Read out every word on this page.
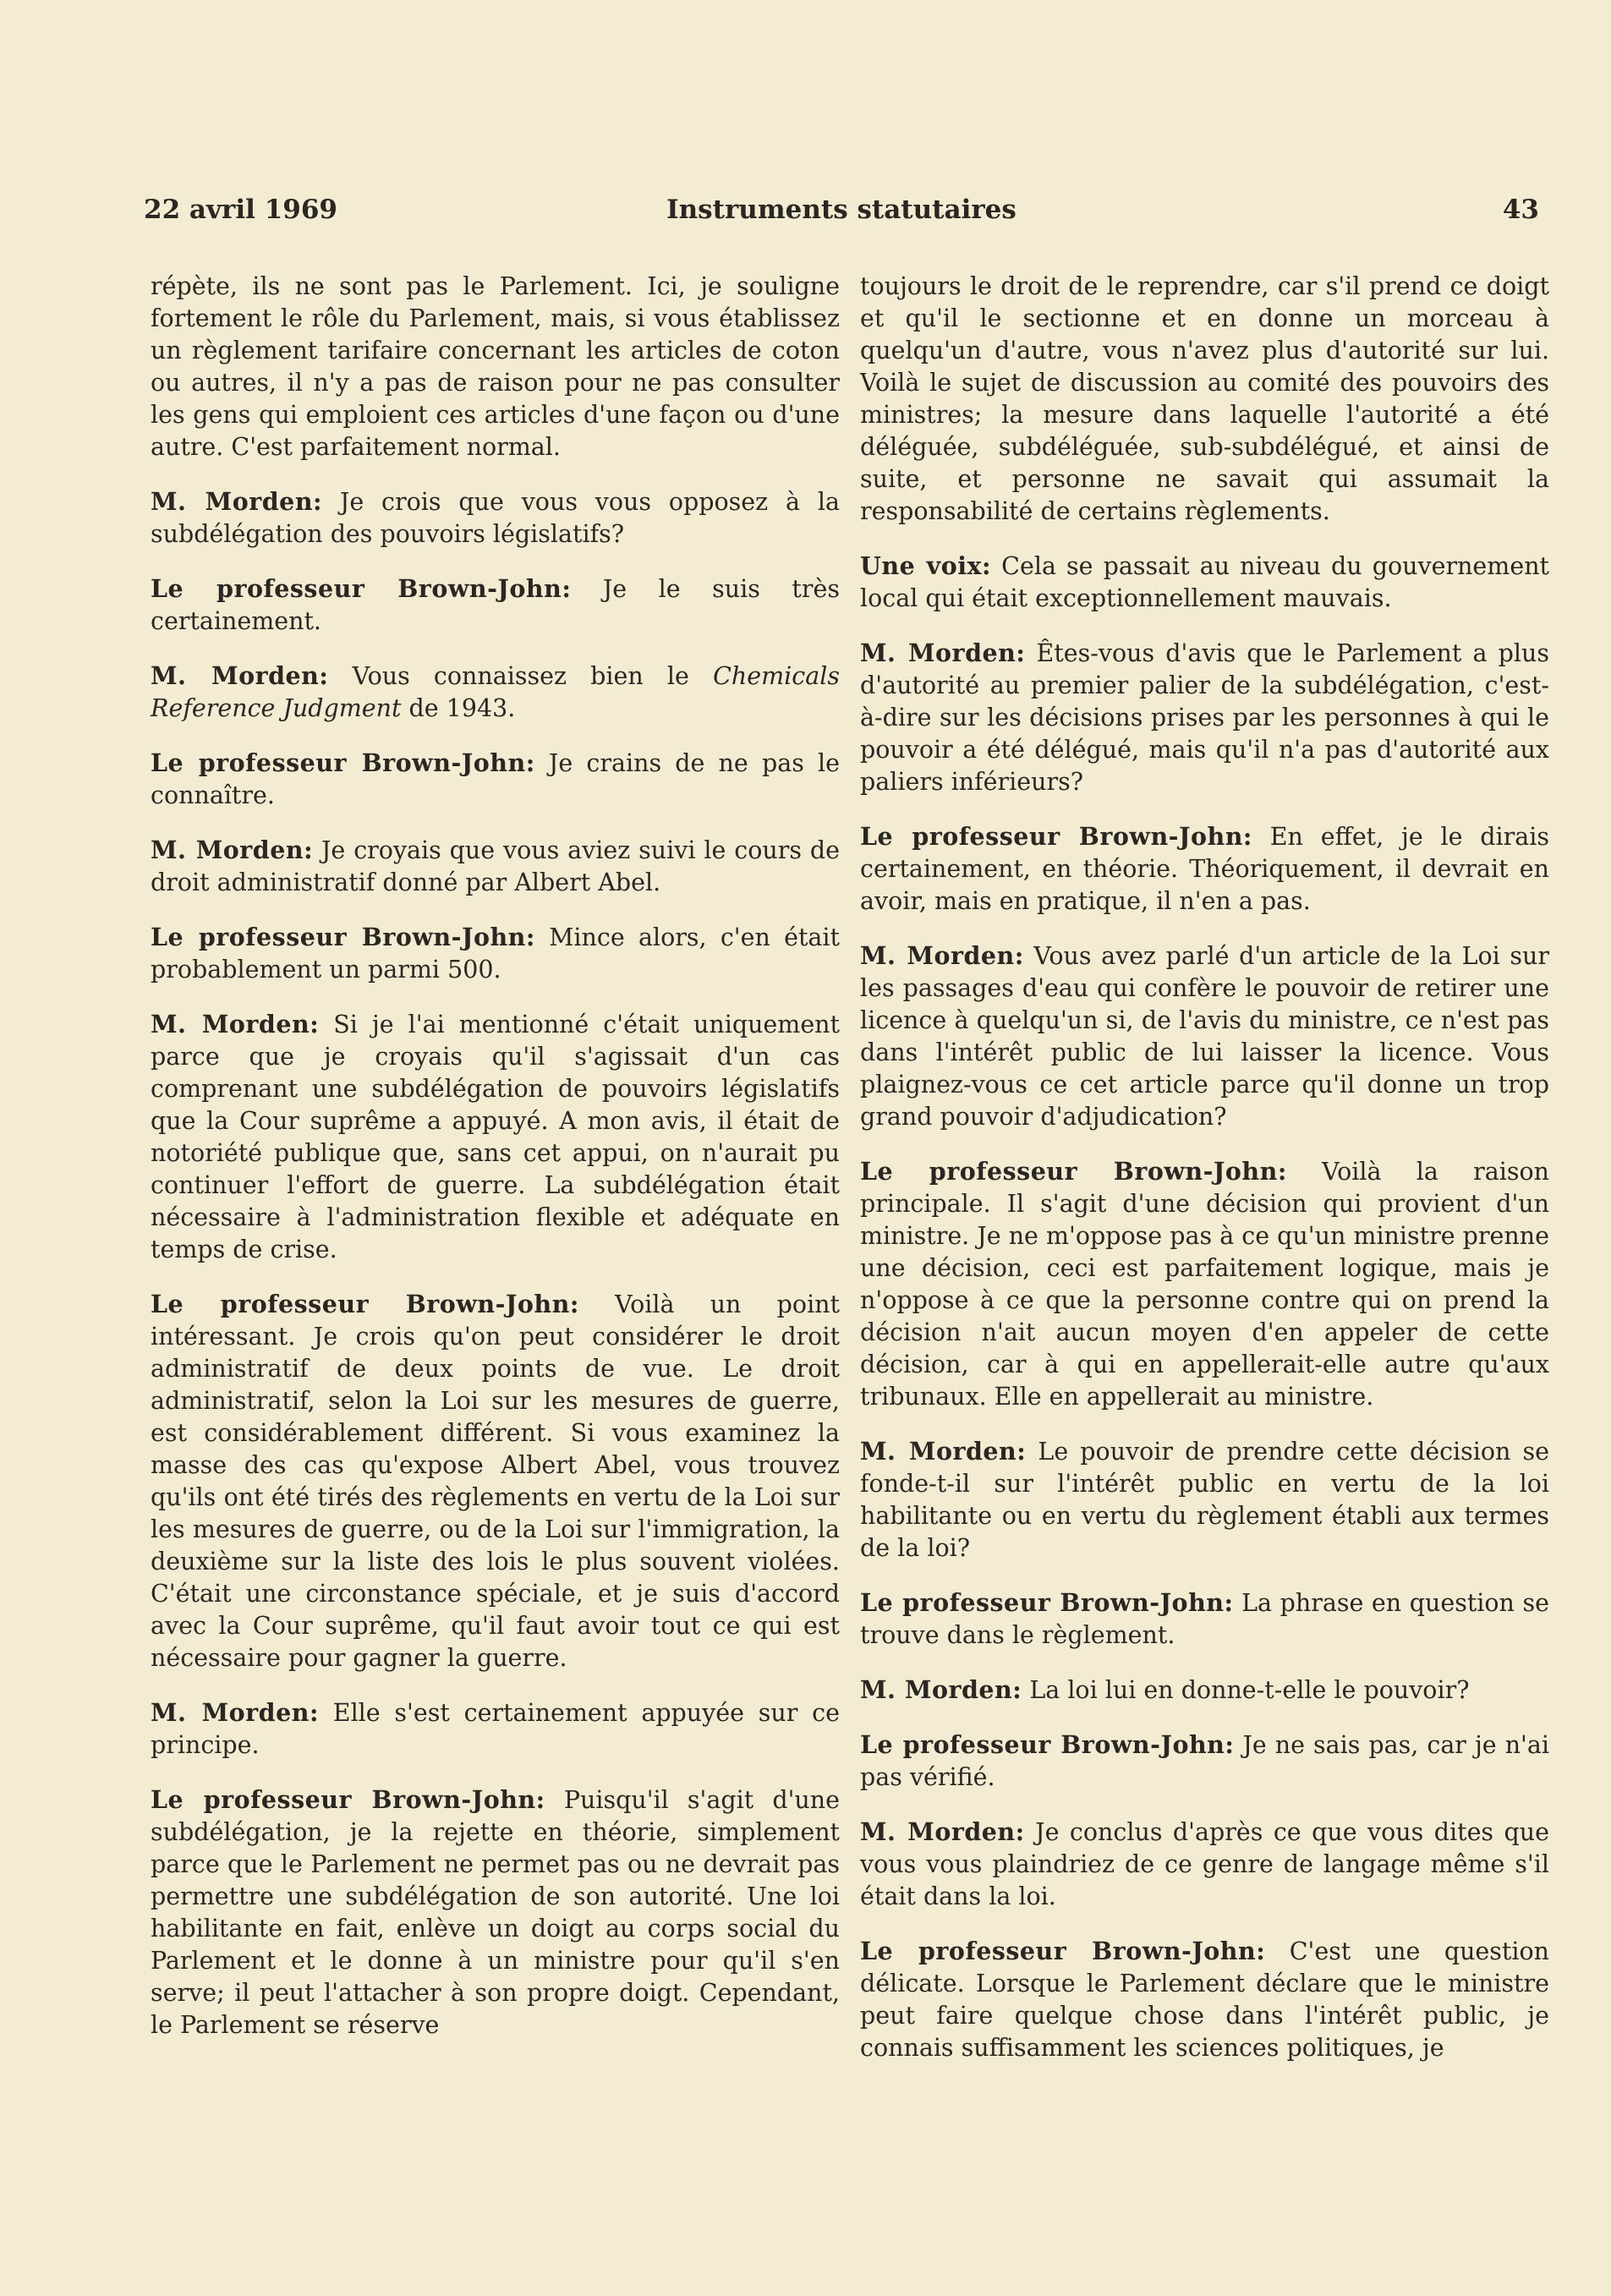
22 avril 1969	Instruments statutaires	43

répète, ils ne sont pas le Parlement. Ici, je souligne fortement le rôle du Parlement, mais, si vous établissez un règlement tarifaire concernant les articles de coton ou autres, il n'y a pas de raison pour ne pas consulter les gens qui emploient ces articles d'une façon ou d'une autre. C'est parfaitement normal.

M. Morden: Je crois que vous vous opposez à la subdélégation des pouvoirs législatifs?

Le professeur Brown-John: Je le suis très certainement.

M. Morden: Vous connaissez bien le Chemicals Reference Judgment de 1943.

Le professeur Brown-John: Je crains de ne pas le connaître.

M. Morden: Je croyais que vous aviez suivi le cours de droit administratif donné par Albert Abel.

Le professeur Brown-John: Mince alors, c'en était probablement un parmi 500.

M. Morden: Si je l'ai mentionné c'était uniquement parce que je croyais qu'il s'agissait d'un cas comprenant une subdélégation de pouvoirs législatifs que la Cour suprême a appuyé. A mon avis, il était de notoriété publique que, sans cet appui, on n'aurait pu continuer l'effort de guerre. La subdélégation était nécessaire à l'administration flexible et adéquate en temps de crise.

Le professeur Brown-John: Voilà un point intéressant. Je crois qu'on peut considérer le droit administratif de deux points de vue. Le droit administratif, selon la Loi sur les mesures de guerre, est considérablement différent. Si vous examinez la masse des cas qu'expose Albert Abel, vous trouvez qu'ils ont été tirés des règlements en vertu de la Loi sur les mesures de guerre, ou de la Loi sur l'immigration, la deuxième sur la liste des lois le plus souvent violées. C'était une circonstance spéciale, et je suis d'accord avec la Cour suprême, qu'il faut avoir tout ce qui est nécessaire pour gagner la guerre.

M. Morden: Elle s'est certainement appuyée sur ce principe.

Le professeur Brown-John: Puisqu'il s'agit d'une subdélégation, je la rejette en théorie, simplement parce que le Parlement ne permet pas ou ne devrait pas permettre une subdélégation de son autorité. Une loi habilitante en fait, enlève un doigt au corps social du Parlement et le donne à un ministre pour qu'il s'en serve; il peut l'attacher à son propre doigt. Cependant, le Parlement se réserve

toujours le droit de le reprendre, car s'il prend ce doigt et qu'il le sectionne et en donne un morceau à quelqu'un d'autre, vous n'avez plus d'autorité sur lui. Voilà le sujet de discussion au comité des pouvoirs des ministres; la mesure dans laquelle l'autorité a été déléguée, subdéléguée, sub-subdélégué, et ainsi de suite, et personne ne savait qui assumait la responsabilité de certains règlements.

Une voix: Cela se passait au niveau du gouvernement local qui était exceptionnellement mauvais.

M. Morden: Êtes-vous d'avis que le Parlement a plus d'autorité au premier palier de la subdélégation, c'est-à-dire sur les décisions prises par les personnes à qui le pouvoir a été délégué, mais qu'il n'a pas d'autorité aux paliers inférieurs?

Le professeur Brown-John: En effet, je le dirais certainement, en théorie. Théoriquement, il devrait en avoir, mais en pratique, il n'en a pas.

M. Morden: Vous avez parlé d'un article de la Loi sur les passages d'eau qui confère le pouvoir de retirer une licence à quelqu'un si, de l'avis du ministre, ce n'est pas dans l'intérêt public de lui laisser la licence. Vous plaignez-vous ce cet article parce qu'il donne un trop grand pouvoir d'adjudication?

Le professeur Brown-John: Voilà la raison principale. Il s'agit d'une décision qui provient d'un ministre. Je ne m'oppose pas à ce qu'un ministre prenne une décision, ceci est parfaitement logique, mais je n'oppose à ce que la personne contre qui on prend la décision n'ait aucun moyen d'en appeler de cette décision, car à qui en appellerait-elle autre qu'aux tribunaux. Elle en appellerait au ministre.

M. Morden: Le pouvoir de prendre cette décision se fonde-t-il sur l'intérêt public en vertu de la loi habilitante ou en vertu du règlement établi aux termes de la loi?

Le professeur Brown-John: La phrase en question se trouve dans le règlement.

M. Morden: La loi lui en donne-t-elle le pouvoir?

Le professeur Brown-John: Je ne sais pas, car je n'ai pas vérifié.

M. Morden: Je conclus d'après ce que vous dites que vous vous plaindriez de ce genre de langage même s'il était dans la loi.

Le professeur Brown-John: C'est une question délicate. Lorsque le Parlement déclare que le ministre peut faire quelque chose dans l'intérêt public, je connais suffisamment les sciences politiques, je
